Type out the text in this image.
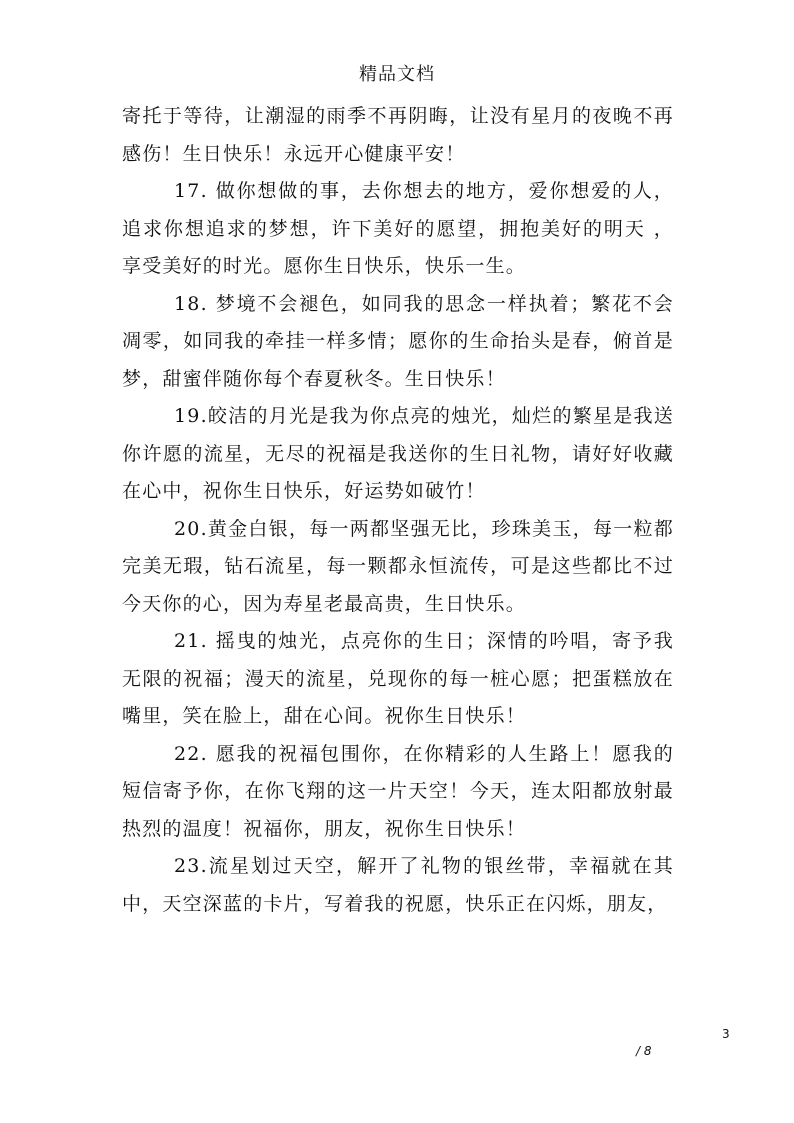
精品文档

寄托于等待，让潮湿的雨季不再阴晦，让没有星月的夜晚不再感伤！生日快乐！永远开心健康平安！

17. 做你想做的事，去你想去的地方，爱你想爱的人，追求你想追求的梦想，许下美好的愿望，拥抱美好的明天 ，享受美好的时光。愿你生日快乐，快乐一生。

18. 梦境不会褪色，如同我的思念一样执着；繁花不会凋零，如同我的牵挂一样多情；愿你的生命抬头是春，俯首是梦，甜蜜伴随你每个春夏秋冬。生日快乐！

19.皎洁的月光是我为你点亮的烛光，灿烂的繁星是我送你许愿的流星，无尽的祝福是我送你的生日礼物，请好好收藏在心中，祝你生日快乐，好运势如破竹！

20.黄金白银，每一两都坚强无比，珍珠美玉，每一粒都完美无瑕，钻石流星，每一颗都永恒流传，可是这些都比不过今天你的心，因为寿星老最高贵，生日快乐。

21. 摇曳的烛光，点亮你的生日；深情的吟唱，寄予我无限的祝福；漫天的流星，兑现你的每一桩心愿；把蛋糕放在嘴里，笑在脸上，甜在心间。祝你生日快乐！

22. 愿我的祝福包围你，在你精彩的人生路上！愿我的短信寄予你，在你飞翔的这一片天空！今天，连太阳都放射最热烈的温度！祝福你，朋友，祝你生日快乐！

23.流星划过天空，解开了礼物的银丝带，幸福就在其中，天空深蓝的卡片，写着我的祝愿，快乐正在闪烁，朋友，

3
/ 8
